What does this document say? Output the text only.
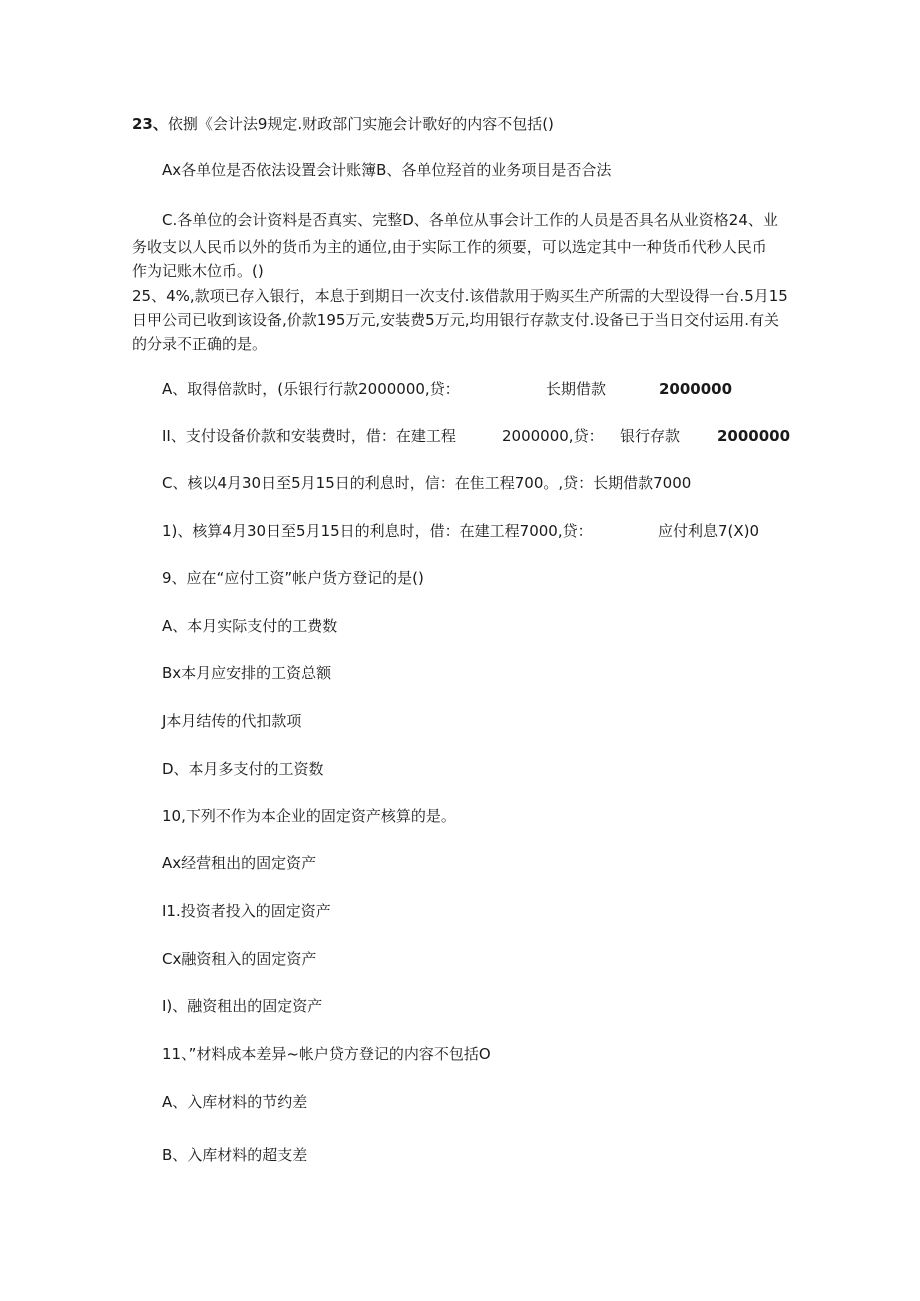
23、依捌《会计法9规定.财政部门实施会计歌好的内容不包括()
Ax各单位是否依法设置会计账簿B、各单位羟首的业务项目是否合法
C.各单位的会计资料是否真实、完整D、各单位从事会计工作的人员是否具名从业资格24、业
务收支以人民币以外的货币为主的通位,由于实际工作的须要，可以选定其中一种货币代秒人民币
作为记账木位币。()
25、4%,款项已存入银行，本息于到期日一次支付.该借款用于购买生产所需的大型设得一台.5月15
日甲公司已收到该设备,价款195万元,安装费5万元,均用银行存款支付.设备已于当日交付运用.有关
的分录不正确的是。
A、取得倍款时，(乐银行行款2000000,贷：	长期借款	2000000
II、支付设备价款和安装费时，借：在建工程	2000000,贷： 银行存款 2000000
C、核以4月30日至5月15日的利息时，信：在隹工程700。,贷：长期借款7000
1)、核算4月30日至5月15日的利息时，借：在建工程7000,贷：	应付利息7(X)0
9、应在“应付工资”帐户货方登记的是()
A、本月实际支付的工费数
Bx本月应安排的工资总额
J本月结传的代扣款项
D、本月多支付的工资数
10,下列不作为本企业的固定资产核算的是。
Ax经营租出的固定资产
I1.投资者投入的固定资产
Cx融资租入的固定资产
I)、融资租出的固定资产
11、”材料成本差异~帐户贷方登记的内容不包括O
A、入库材料的节约差
B、入库材料的超支差
